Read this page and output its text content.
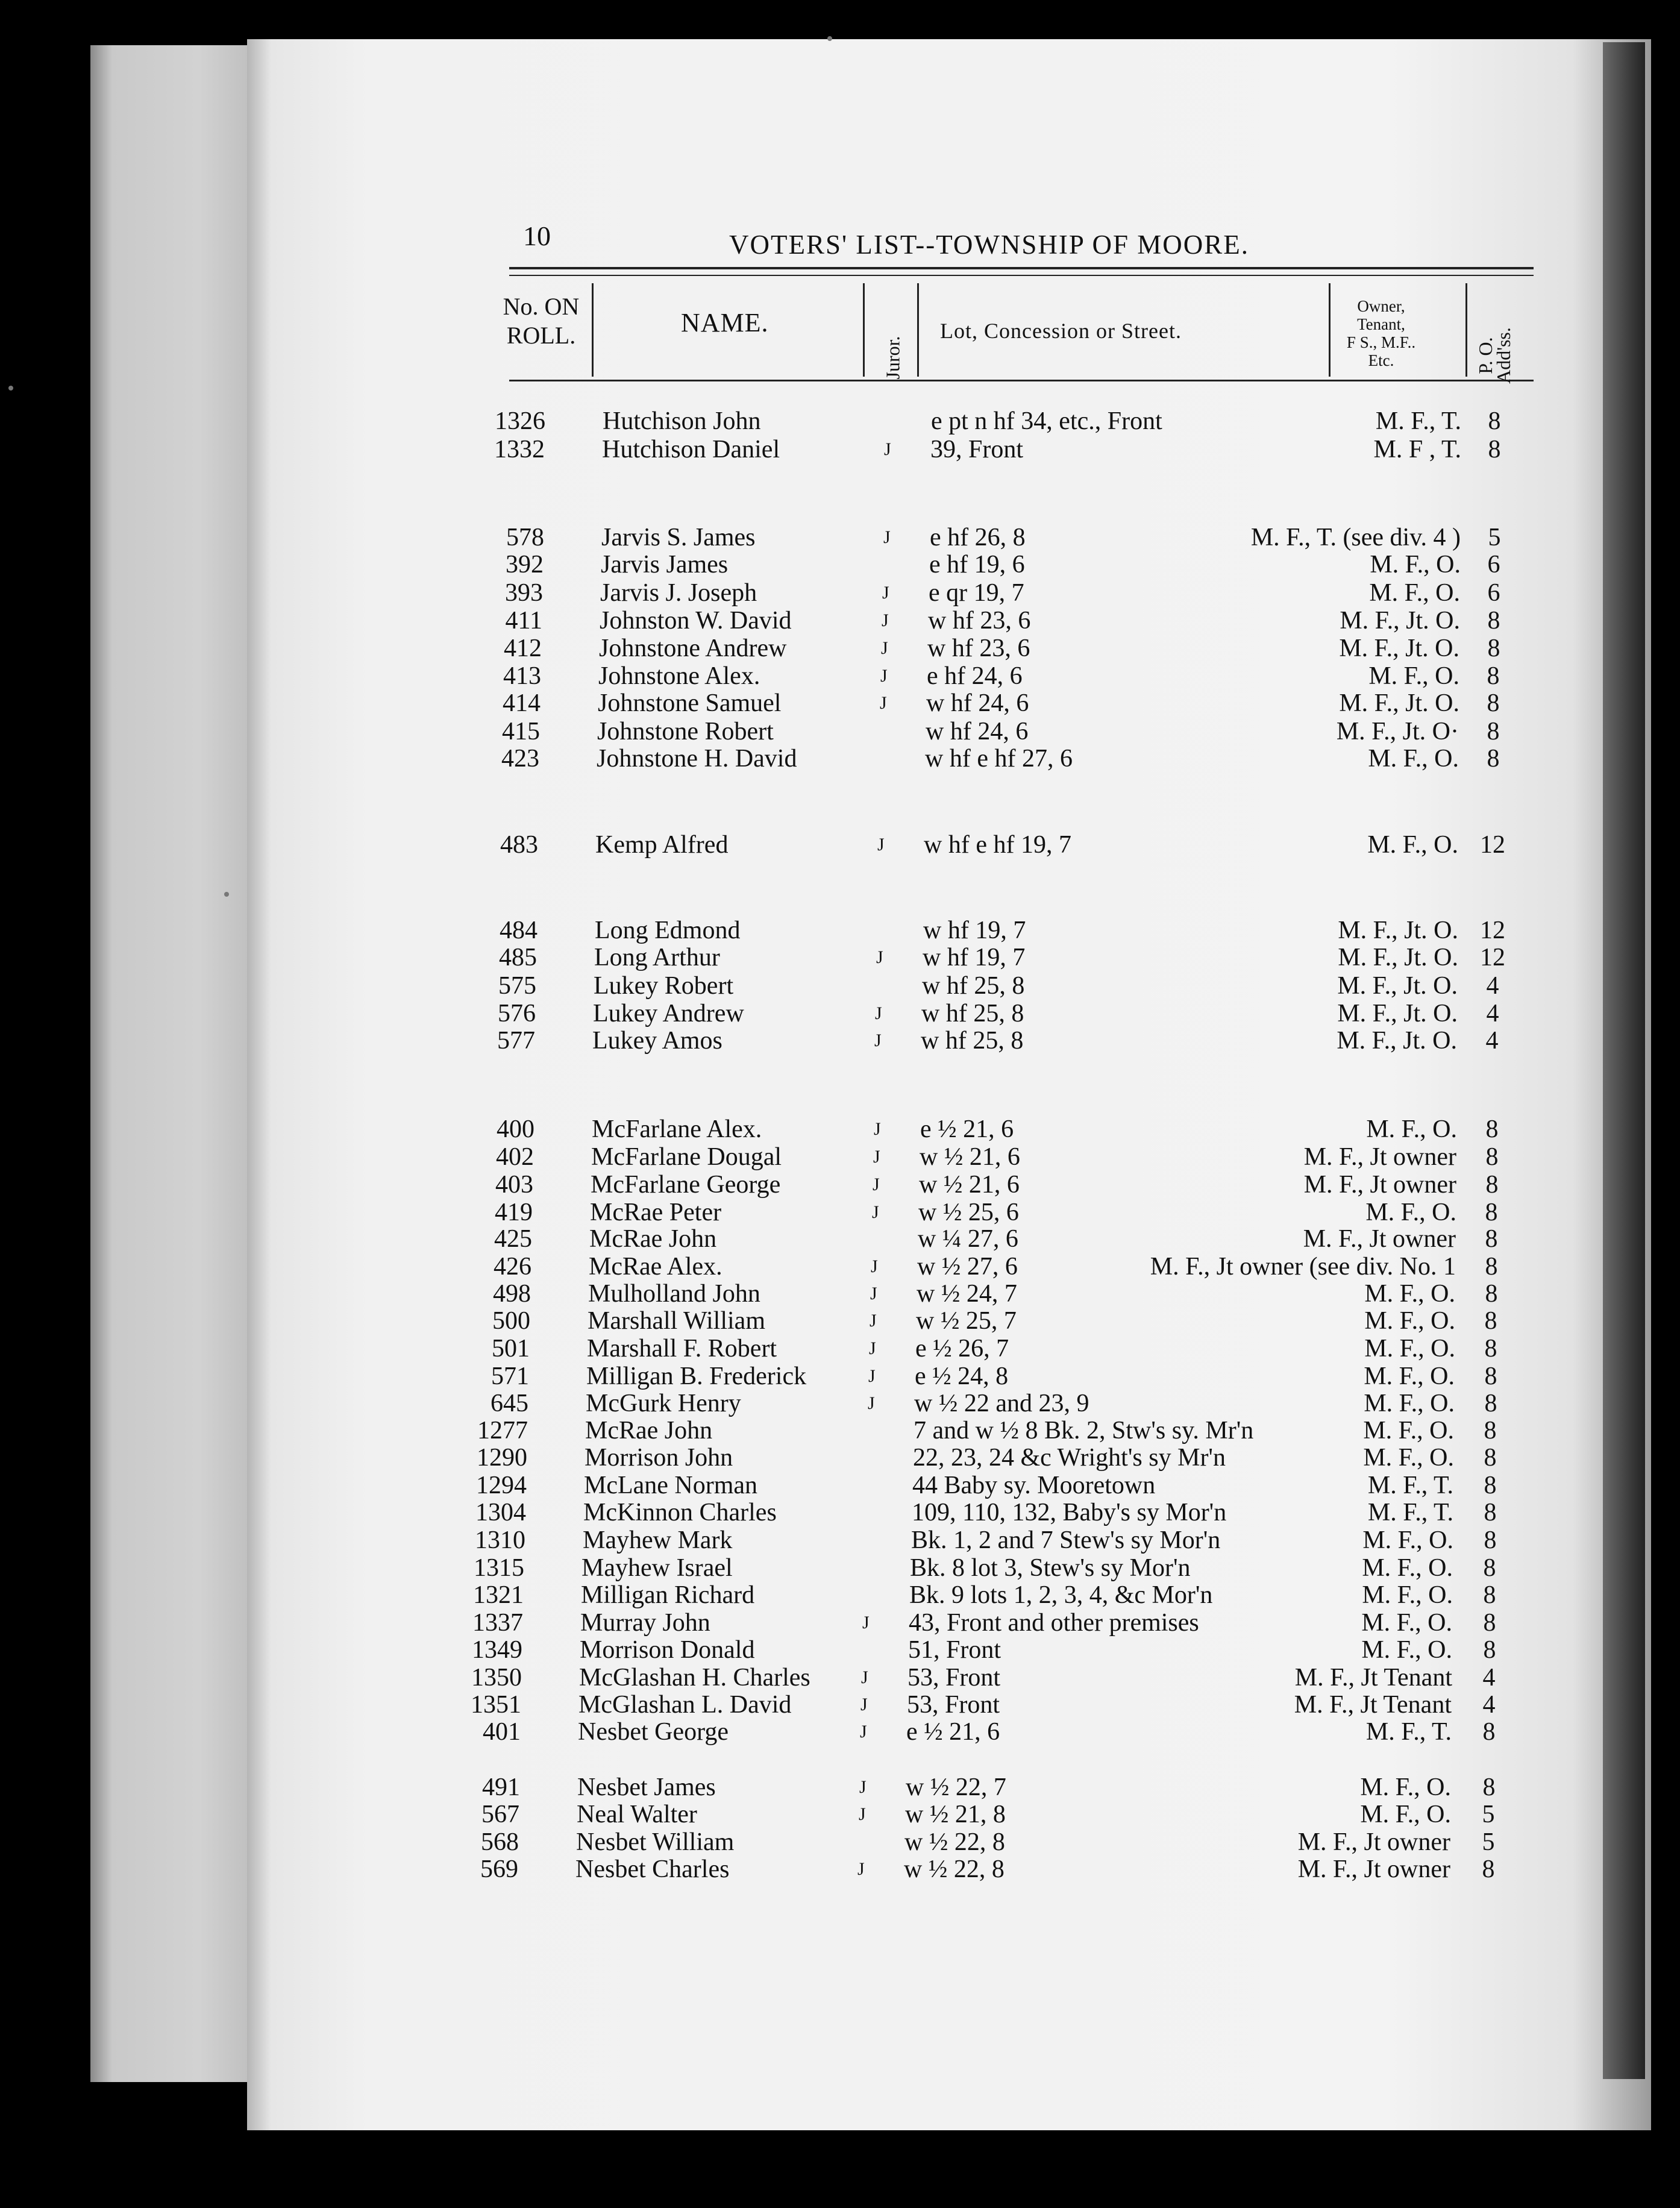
10	VOTERS' LIST--TOWNSHIP OF MOORE.
No. ON
ROLL.	NAME.
Juror.
Lot, Concession or Street.
Owner,
Tenant,
F S., M.F..
Etc.	P. O.
Add'ss.
1326 Hutchison John	e pt n hf 34, etc., Front	M. F., T.	8
1332 Hutchison Daniel	J 39, Front	M. F , T.	8
578 Jarvis S. James	J e hf 26, 8	M. F., T. (see div. 4 )	5
392 Jarvis James	e hf 19, 6	M. F., O.	6
393 Jarvis J. Joseph	J e qr 19, 7	M. F., O.	6
411 Johnston W. David	J w hf 23, 6	M. F., Jt. O.	8
412 Johnstone Andrew	J w hf 23, 6	M. F., Jt. O.	8
413 Johnstone Alex.	J e hf 24, 6	M. F., O.	8
414 Johnstone Samuel	J w hf 24, 6	M. F., Jt. O.	8
415 Johnstone Robert	w hf 24, 6	M. F., Jt. O·	8
423 Johnstone H. David	w hf e hf 27, 6	M. F., O.	8
483 Kemp Alfred	J w hf e hf 19, 7	M. F., O. 12
484 Long Edmond	w hf 19, 7	M. F., Jt. O. 12
485 Long Arthur	J w hf 19, 7	M. F., Jt. O. 12
575 Lukey Robert	w hf 25, 8	M. F., Jt. O.	4
576 Lukey Andrew	J w hf 25, 8	M. F., Jt. O.	4
577 Lukey Amos	J w hf 25, 8	M. F., Jt. O.	4
400 McFarlane Alex.	J e ½ 21, 6	M. F., O.	8
402 McFarlane Dougal	J w ½ 21, 6	M. F., Jt owner	8
403 McFarlane George	J w ½ 21, 6	M. F., Jt owner	8
419 McRae Peter	J w ½ 25, 6	M. F., O.	8
425 McRae John	w ¼ 27, 6	M. F., Jt owner	8
426 McRae Alex.	J w ½ 27, 6	M. F., Jt owner (see div. No. 1	8
498 Mulholland John	J w ½ 24, 7	M. F., O.	8
500 Marshall William	J w ½ 25, 7	M. F., O.	8
501 Marshall F. Robert	J e ½ 26, 7	M. F., O.	8
571 Milligan B. Frederick	J e ½ 24, 8	M. F., O.	8
645 McGurk Henry	J w ½ 22 and 23, 9	M. F., O.	8
1277 McRae John	7 and w ½ 8 Bk. 2, Stw's sy. Mr'n	M. F., O.	8
1290 Morrison John	22, 23, 24 &c Wright's sy Mr'n	M. F., O.	8
1294 McLane Norman	44 Baby sy. Mooretown	M. F., T.	8
1304 McKinnon Charles	109, 110, 132, Baby's sy Mor'n	M. F., T.	8
1310 Mayhew Mark	Bk. 1, 2 and 7 Stew's sy Mor'n	M. F., O.	8
1315 Mayhew Israel	Bk. 8 lot 3, Stew's sy Mor'n	M. F., O.	8
1321 Milligan Richard	Bk. 9 lots 1, 2, 3, 4, &c Mor'n	M. F., O.	8
1337 Murray John	J 43, Front and other premises	M. F., O.	8
1349 Morrison Donald	51, Front	M. F., O.	8
1350 McGlashan H. Charles	J 53, Front	M. F., Jt Tenant	4
1351 McGlashan L. David	J 53, Front	M. F., Jt Tenant	4
401 Nesbet George	J e ½ 21, 6	M. F., T.	8
491 Nesbet James	J w ½ 22, 7	M. F., O.	8
567 Neal Walter	J w ½ 21, 8	M. F., O.	5
568 Nesbet William	w ½ 22, 8	M. F., Jt owner	5
569 Nesbet Charles	J w ½ 22, 8	M. F., Jt owner	8
